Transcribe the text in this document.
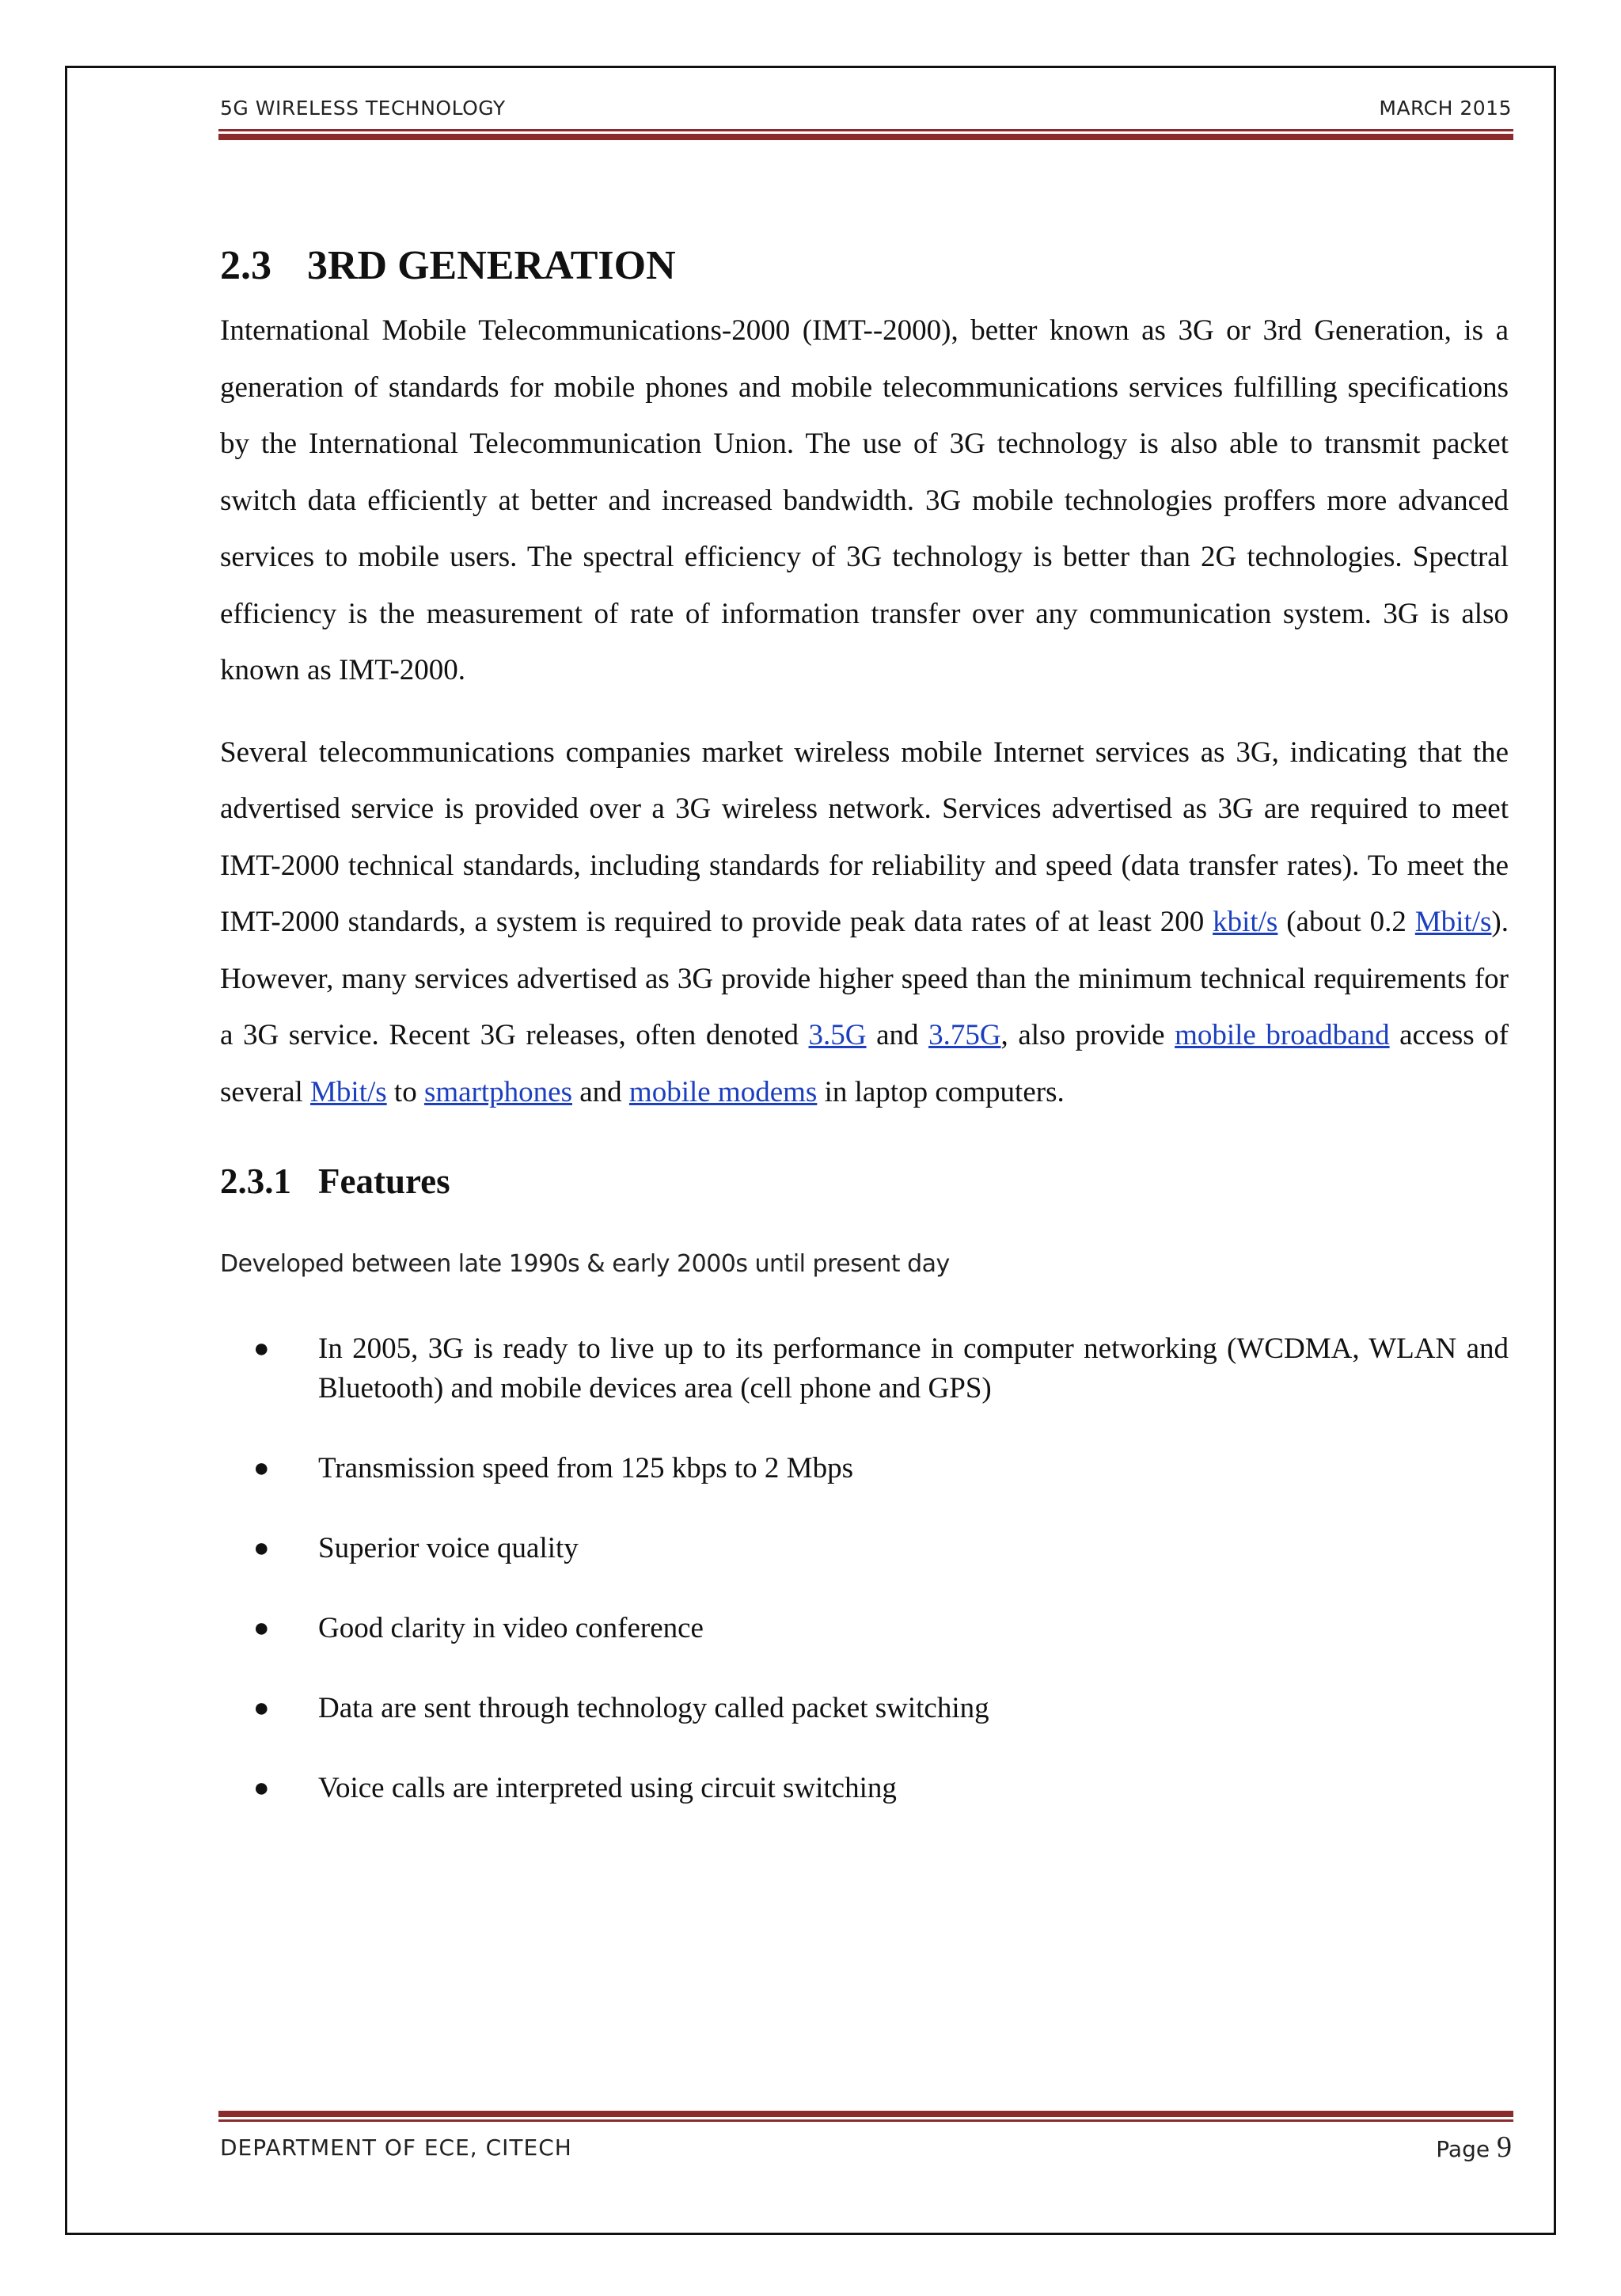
5G WIRELESS TECHNOLOGY	MARCH 2015
2.3 3RD GENERATION

International Mobile Telecommunications-2000 (IMT--2000), better known as 3G or 3rd Generation, is a generation of standards for mobile phones and mobile telecommunications services fulfilling specifications by the International Telecommunication Union. The use of 3G technology is also able to transmit packet switch data efficiently at better and increased bandwidth. 3G mobile technologies proffers more advanced services to mobile users. The spectral efficiency of 3G technology is better than 2G technologies. Spectral efficiency is the measurement of rate of information transfer over any communication system. 3G is also known as IMT-2000.

Several telecommunications companies market wireless mobile Internet services as 3G, indicating that the advertised service is provided over a 3G wireless network. Services advertised as 3G are required to meet IMT-2000 technical standards, including standards for reliability and speed (data transfer rates). To meet the IMT-2000 standards, a system is required to provide peak data rates of at least 200 kbit/s (about 0.2 Mbit/s). However, many services advertised as 3G provide higher speed than the minimum technical requirements for a 3G service. Recent 3G releases, often denoted 3.5G and 3.75G, also provide mobile broadband access of several Mbit/s to smartphones and mobile modems in laptop computers.

2.3.1 Features

Developed between late 1990s & early 2000s until present day

● In 2005, 3G is ready to live up to its performance in computer networking (WCDMA, WLAN and Bluetooth) and mobile devices area (cell phone and GPS)
● Transmission speed from 125 kbps to 2 Mbps
● Superior voice quality
● Good clarity in video conference
● Data are sent through technology called packet switching
● Voice calls are interpreted using circuit switching
DEPARTMENT OF ECE, CITECH	Page 9
